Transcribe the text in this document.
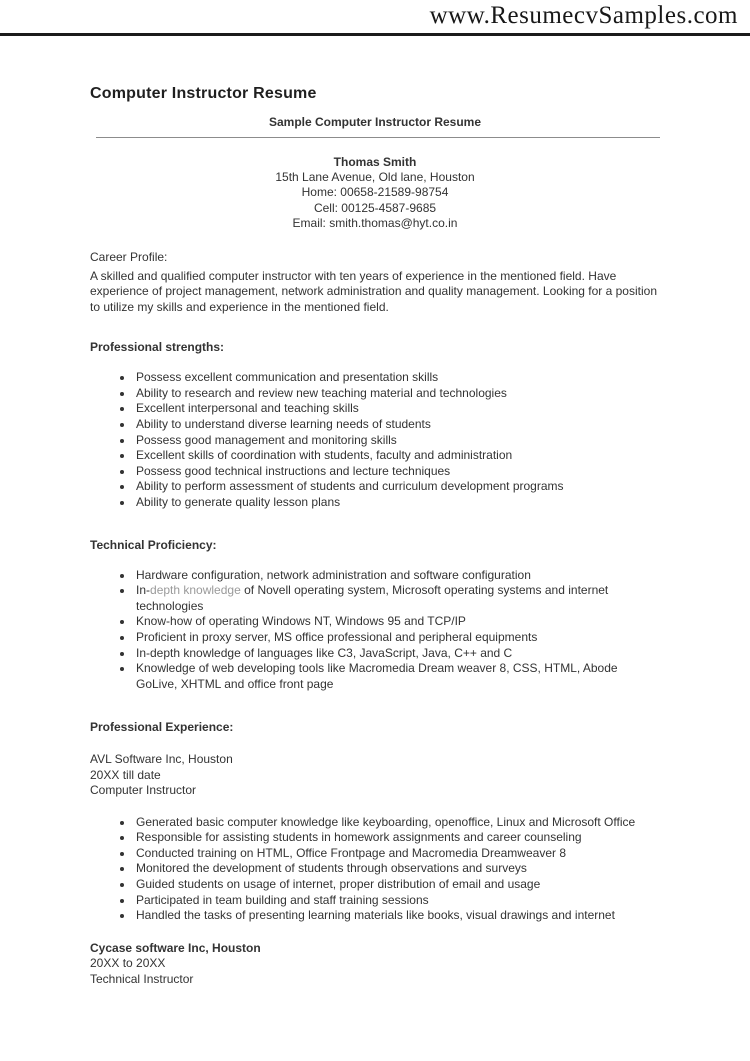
www.ResumecvSamples.com
Computer Instructor Resume
Sample Computer Instructor Resume
Thomas Smith
15th Lane Avenue, Old lane, Houston
Home: 00658-21589-98754
Cell: 00125-4587-9685
Email: smith.thomas@hyt.co.in
Career Profile:

A skilled and qualified computer instructor with ten years of experience in the mentioned field. Have experience of project management, network administration and quality management. Looking for a position to utilize my skills and experience in the mentioned field.

Professional strengths:
• Possess excellent communication and presentation skills
• Ability to research and review new teaching material and technologies
• Excellent interpersonal and teaching skills
• Ability to understand diverse learning needs of students
• Possess good management and monitoring skills
• Excellent skills of coordination with students, faculty and administration
• Possess good technical instructions and lecture techniques
• Ability to perform assessment of students and curriculum development programs
• Ability to generate quality lesson plans
Technical Proficiency:
• Hardware configuration, network administration and software configuration
• In-depth knowledge of Novell operating system, Microsoft operating systems and internet technologies
• Know-how of operating Windows NT, Windows 95 and TCP/IP
• Proficient in proxy server, MS office professional and peripheral equipments
• In-depth knowledge of languages like C3, JavaScript, Java, C++ and C
• Knowledge of web developing tools like Macromedia Dream weaver 8, CSS, HTML, Abode GoLive, XHTML and office front page
Professional Experience:
AVL Software Inc, Houston
20XX till date
Computer Instructor
• Generated basic computer knowledge like keyboarding, openoffice, Linux and Microsoft Office
• Responsible for assisting students in homework assignments and career counseling
• Conducted training on HTML, Office Frontpage and Macromedia Dreamweaver 8
• Monitored the development of students through observations and surveys
• Guided students on usage of internet, proper distribution of email and usage
• Participated in team building and staff training sessions
• Handled the tasks of presenting learning materials like books, visual drawings and internet
Cycase software Inc, Houston
20XX to 20XX
Technical Instructor
